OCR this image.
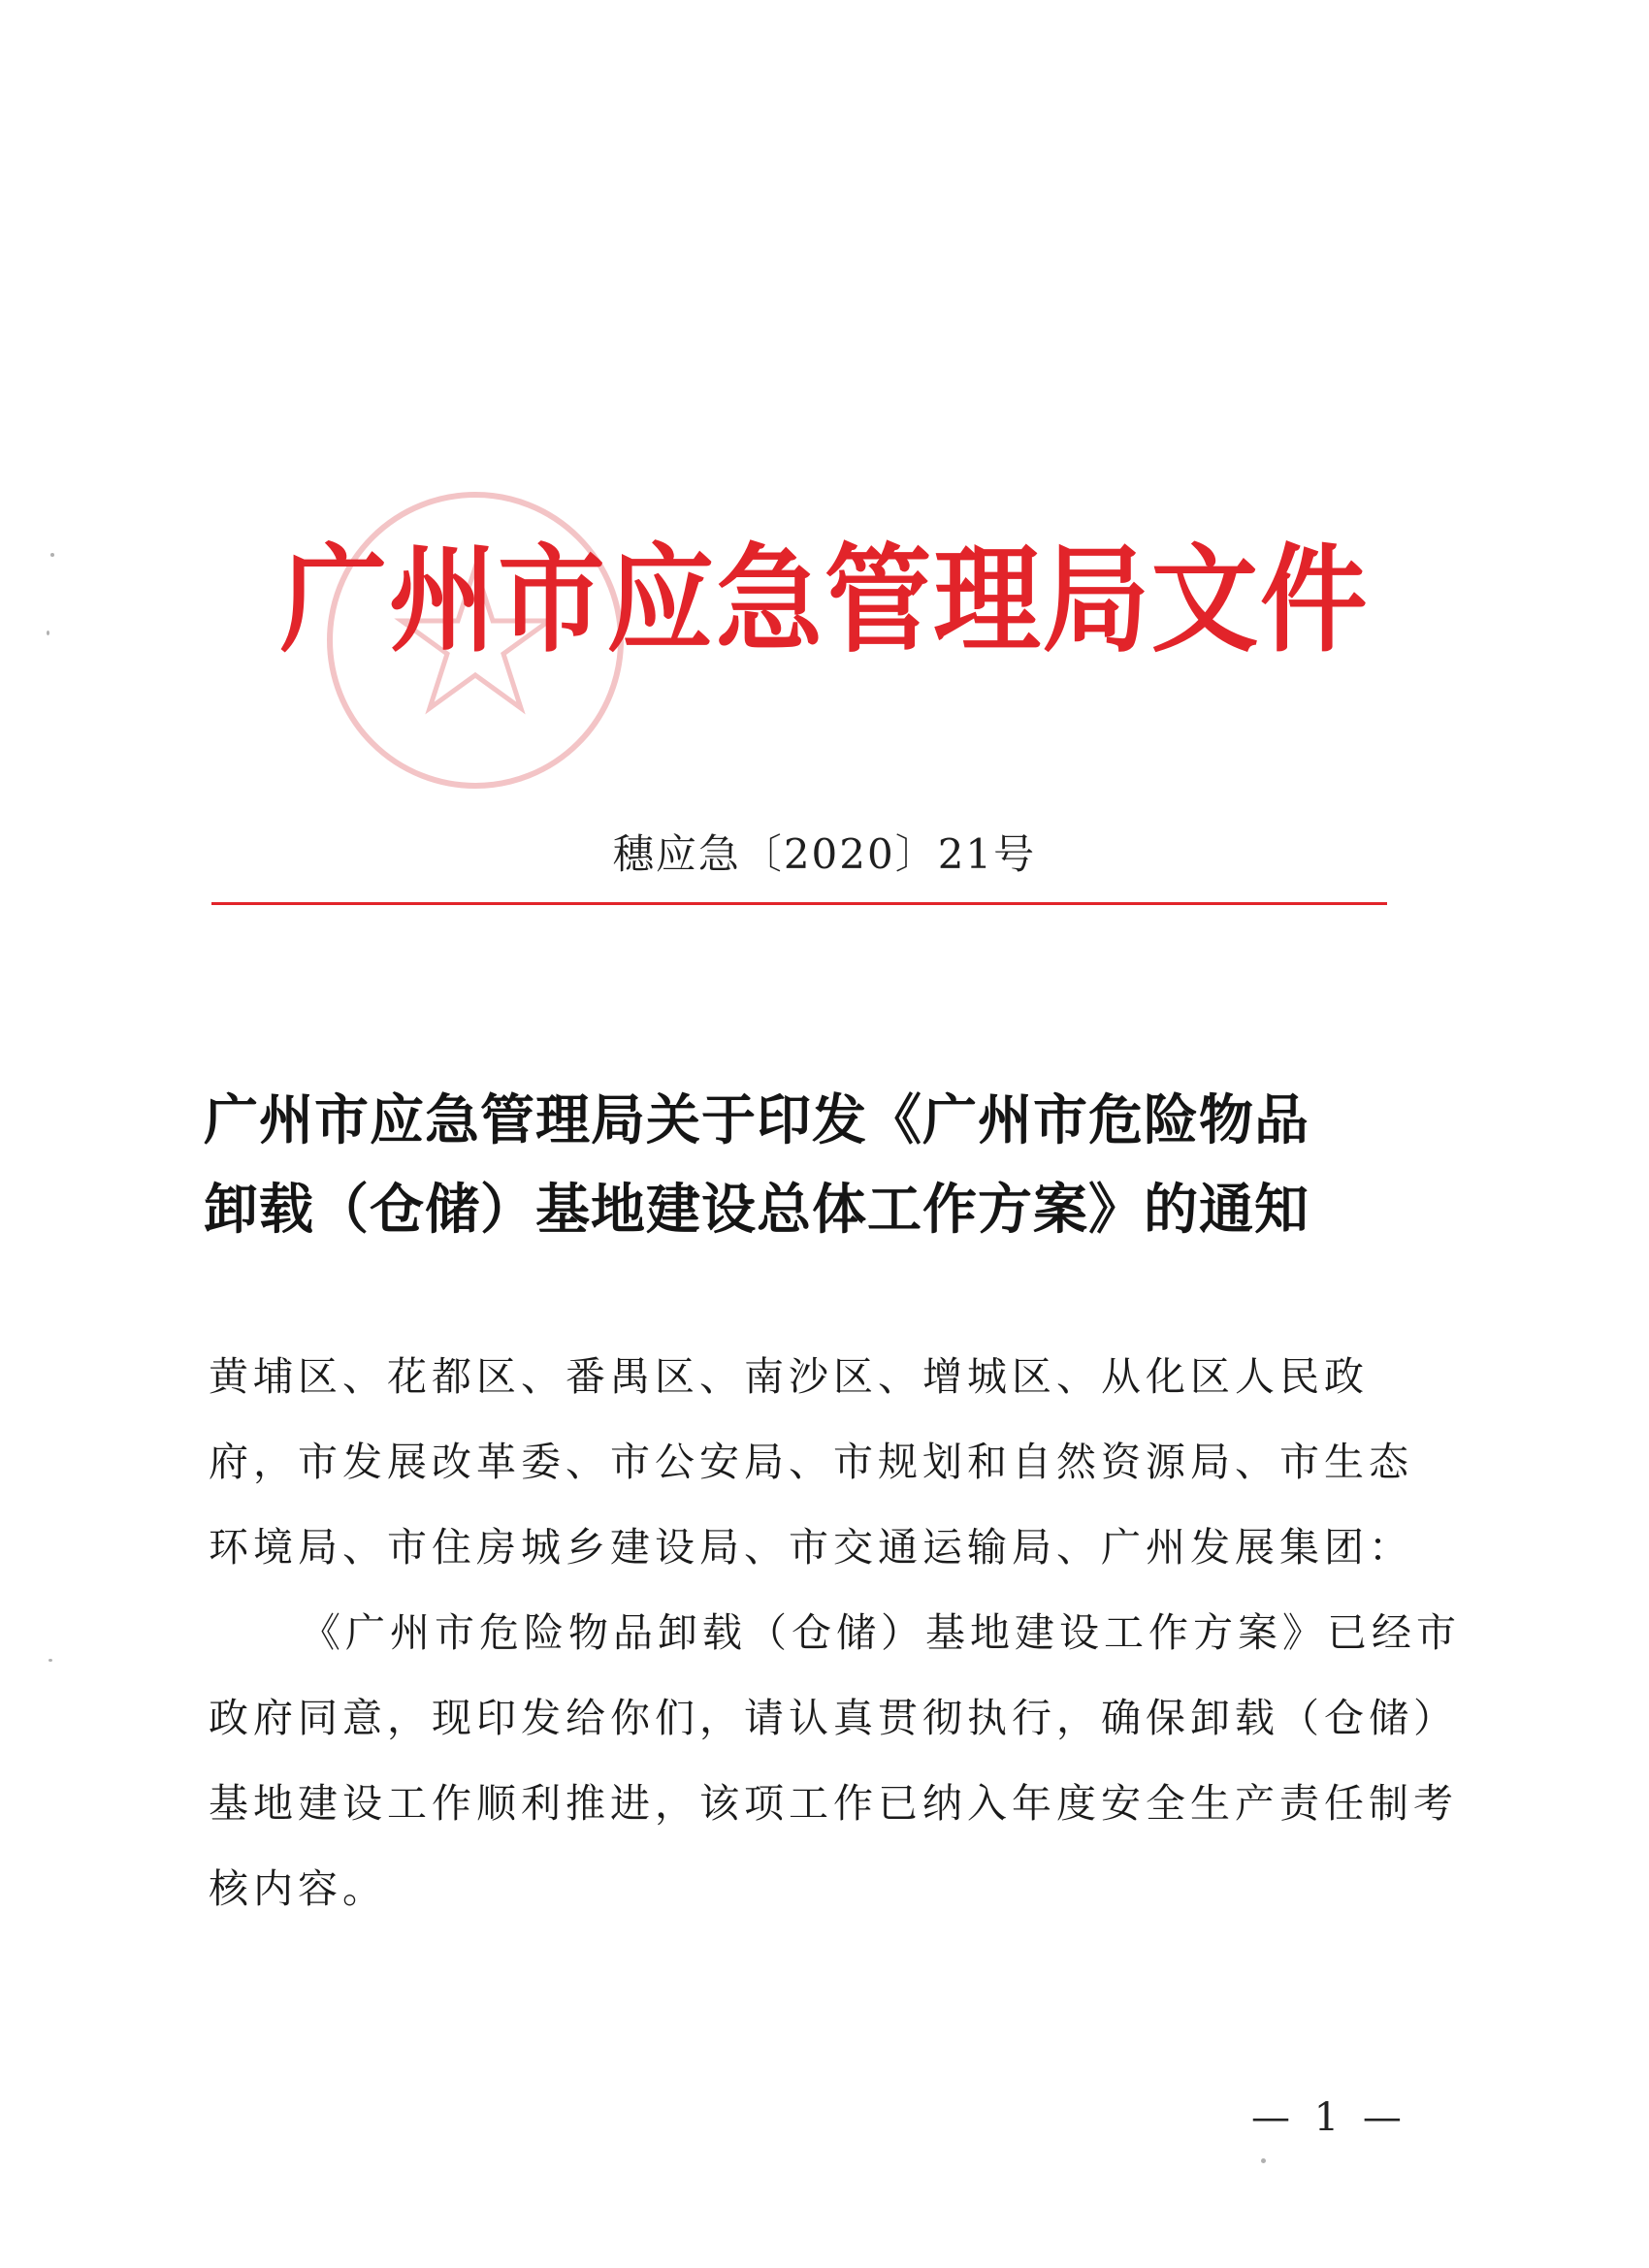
广州市应急管理局文件
穗应急〔2020〕21号
广州市应急管理局关于印发《广州市危险物品
卸载（仓储）基地建设总体工作方案》的通知
黄埔区、花都区、番禺区、南沙区、增城区、从化区人民政
府，市发展改革委、市公安局、市规划和自然资源局、市生态
环境局、市住房城乡建设局、市交通运输局、广州发展集团：
《广州市危险物品卸载（仓储）基地建设工作方案》已经市
政府同意，现印发给你们，请认真贯彻执行，确保卸载（仓储）
基地建设工作顺利推进，该项工作已纳入年度安全生产责任制考
核内容。
— 1 —
